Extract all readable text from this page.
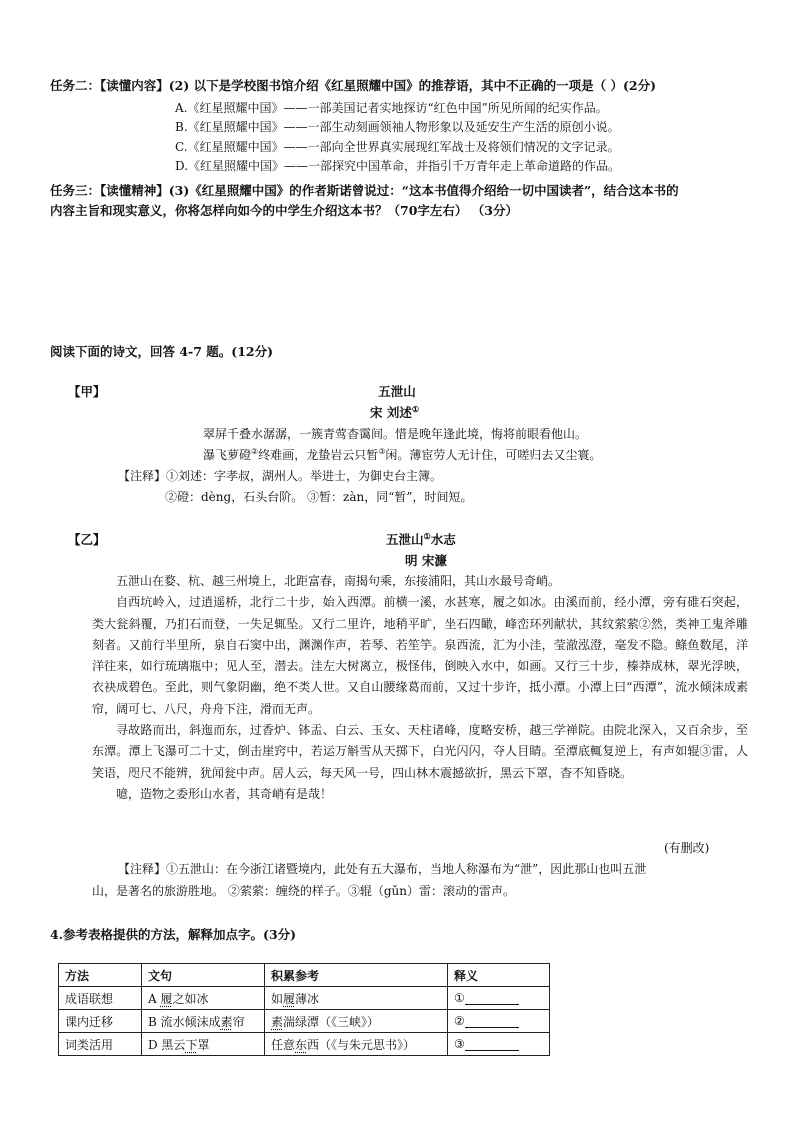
任务二：【读懂内容】(2) 以下是学校图书馆介绍《红星照耀中国》的推荐语，其中不正确的一项是（ ）(2分)
A.《红星照耀中国》——一部美国记者实地探访“红色中国”所见所闻的纪实作品。
B.《红星照耀中国》——一部生动刻画领袖人物形象以及延安生产生活的原创小说。
C.《红星照耀中国》——一部向全世界真实展现红军战士及将领们情况的文字记录。
D.《红星照耀中国》——一部探究中国革命，并指引千万青年走上革命道路的作品。
任务三：【读懂精神】(3)《红星照耀中国》的作者斯诺曾说过：“这本书值得介绍给一切中国读者”，结合这本书的
内容主旨和现实意义，你将怎样向如今的中学生介绍这本书？（70字左右） （3分）
阅读下面的诗文，回答 4-7 题。(12分)
【甲】	五泄山
宋 刘述①
翠屏千叠水潺潺，一簇青莺杳霭间。惜是晚年逢此境，悔将前眼看他山。
瀑飞萝磴②终难画，龙蛰岩云只暂③闲。薄宦劳人无计住，可嗟归去又尘寰。
【注释】①刘述：字孝叔，湖州人。举进士，为御史台主簿。
②磴：dèng，石头台阶。 ③暂：zàn，同“暂”，时间短。
【乙】	五泄山①水志
明 宋濂

五泄山在婺、杭、越三州境上，北距富春，南揭句乘，东接浦阳，其山水最号奇峭。

自西坑岭入，过逍遥桥，北行二十步，始入西潭。前横一溪，水甚寒，履之如冰。由溪而前，经小潭，旁有碓石突起，类大瓮斜覆，乃扪石而登，一失足辄坠。又行二里许，地稍平旷，坐石四瞰，峰峦环列献状，其纹萦萦②然，类神工鬼斧雕刻者。又前行半里所，泉自石窦中出，渊渊作声，若琴、若笙竽。泉西流，汇为小洼，莹澈泓澄，毫发不隐。鲦鱼数尾，洋洋往来，如行琉璃瓶中；见人至，潜去。洼左大树离立，极怪伟，倒映入水中，如画。又行三十步，榛莽成林，翠光浮映，衣袂成碧色。至此，则气象阴幽，绝不类人世。又自山腰缘葛而前，又过十步许，抵小潭。小潭上曰“西潭”，流水倾沫成素帘，阔可七、八尺，舟舟下注，滑而无声。

寻故路而出，斜迤而东，过香炉、钵盂、白云、玉女、天柱诸峰，度略安桥，越三学禅院。由院北深入，又百余步，至东潭。潭上飞瀑可二十丈，倒击崖窍中，若运万斛雪从天掷下，白光闪闪，夺人目睛。至潭底輒复逆上，有声如辊③雷，人笑语，咫尺不能辨，犹闻瓮中声。居人云，每天风一号，四山林木震撼欲折，黑云下罩，杳不知昏晓。

噫，造物之委形山水者，其奇峭有是哉！

(有删改)
【注释】①五泄山：在今浙江诸暨境内，此处有五大瀑布，当地人称瀑布为“泄”，因此那山也叫五泄
山，是著名的旅游胜地。 ②萦萦：缠绕的样子。③辊（gǔn）雷：滚动的雷声。
4.参考表格提供的方法，解释加点字。(3分)
方法	文句	积累参考	释义
成语联想	A 履之如冰	如履薄冰	①
课内迁移	B 流水倾沫成素帘	素湍绿潭（《三峡》）	②
词类活用	D 黑云下罩	任意东西（《与朱元思书》）	③
